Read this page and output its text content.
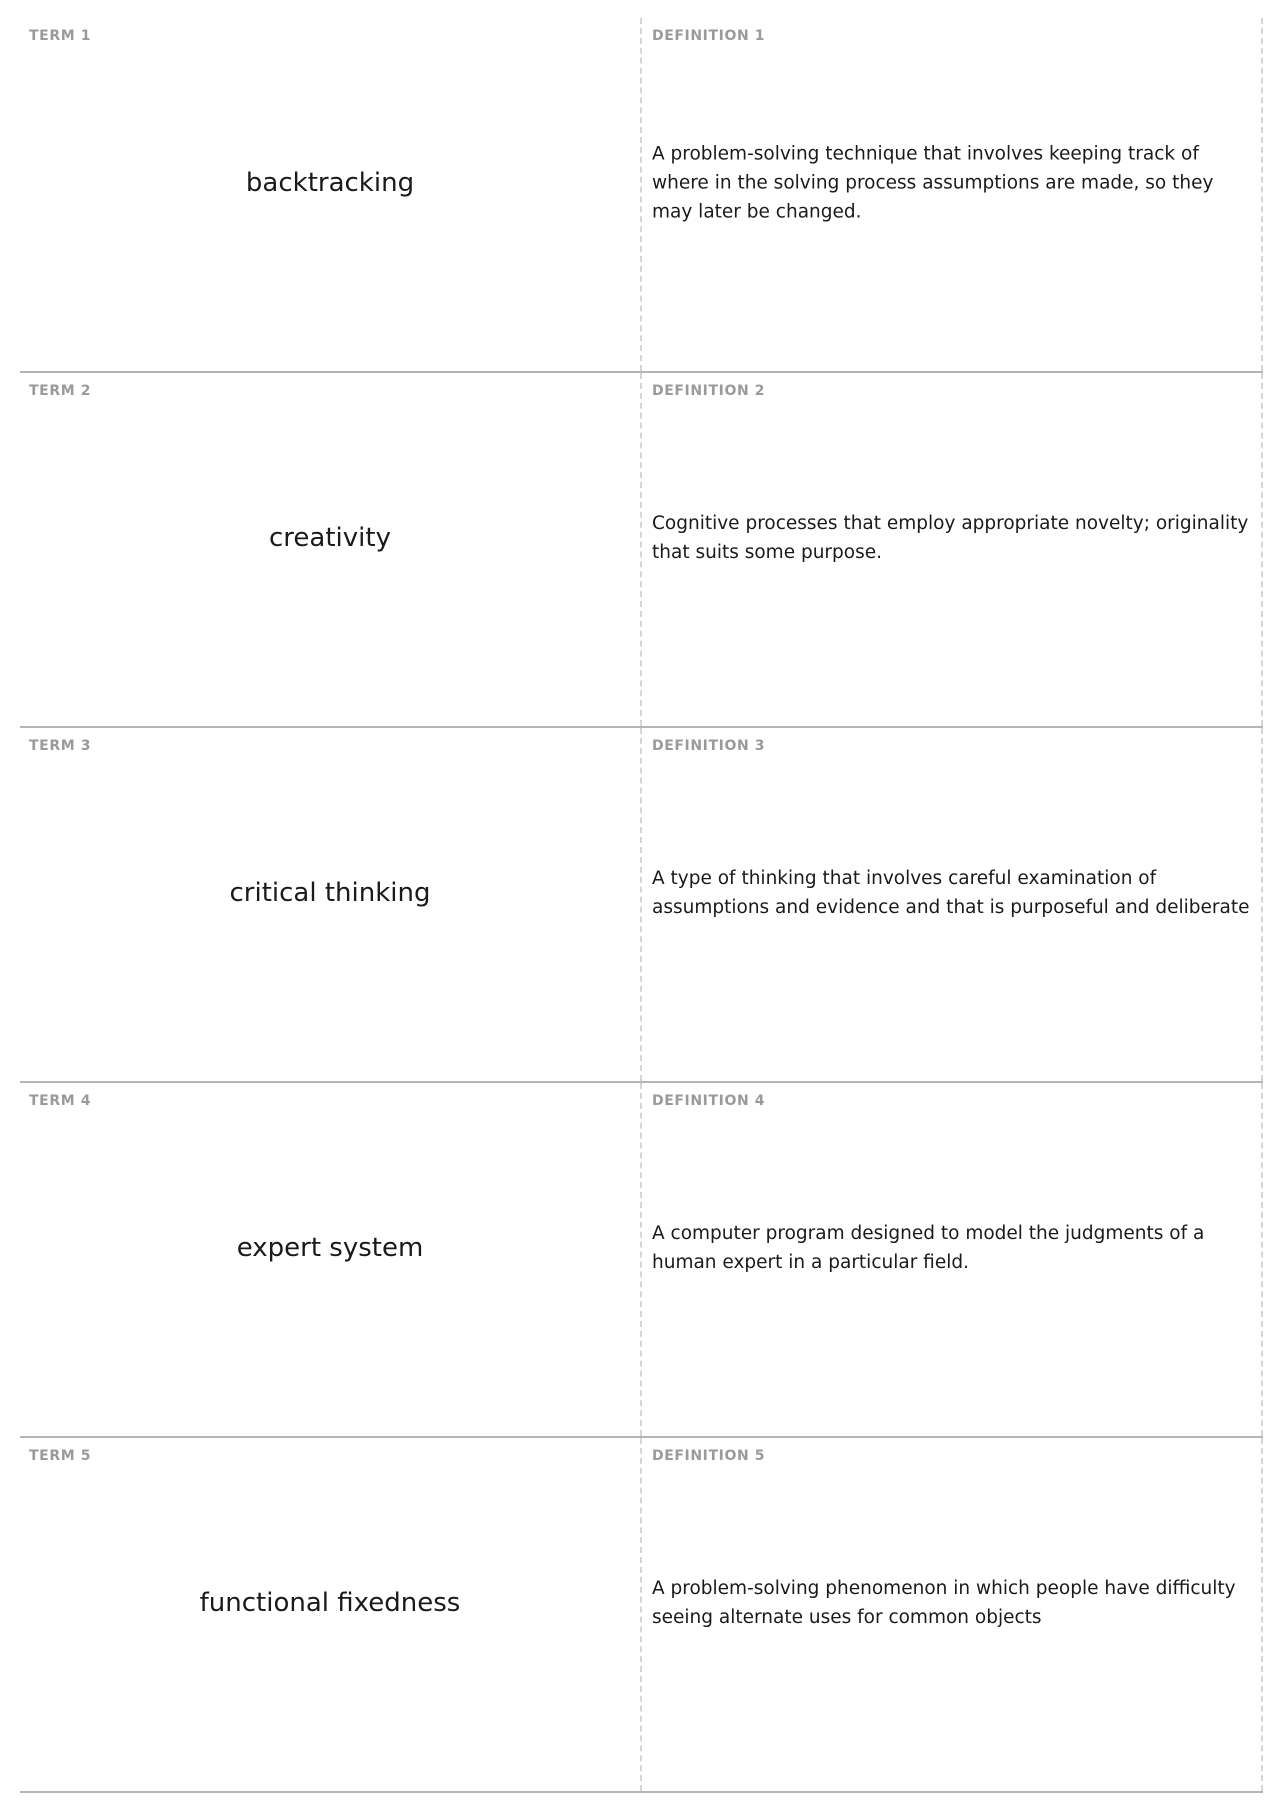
TERM 1
backtracking
DEFINITION 1
A problem-solving technique that involves keeping track of where in the solving process assumptions are made, so they may later be changed.
TERM 2
creativity
DEFINITION 2
Cognitive processes that employ appropriate novelty; originality that suits some purpose.
TERM 3
critical thinking
DEFINITION 3
A type of thinking that involves careful examination of assumptions and evidence and that is purposeful and deliberate
TERM 4
expert system
DEFINITION 4
A computer program designed to model the judgments of a human expert in a particular field.
TERM 5
functional fixedness
DEFINITION 5
A problem-solving phenomenon in which people have difficulty seeing alternate uses for common objects
